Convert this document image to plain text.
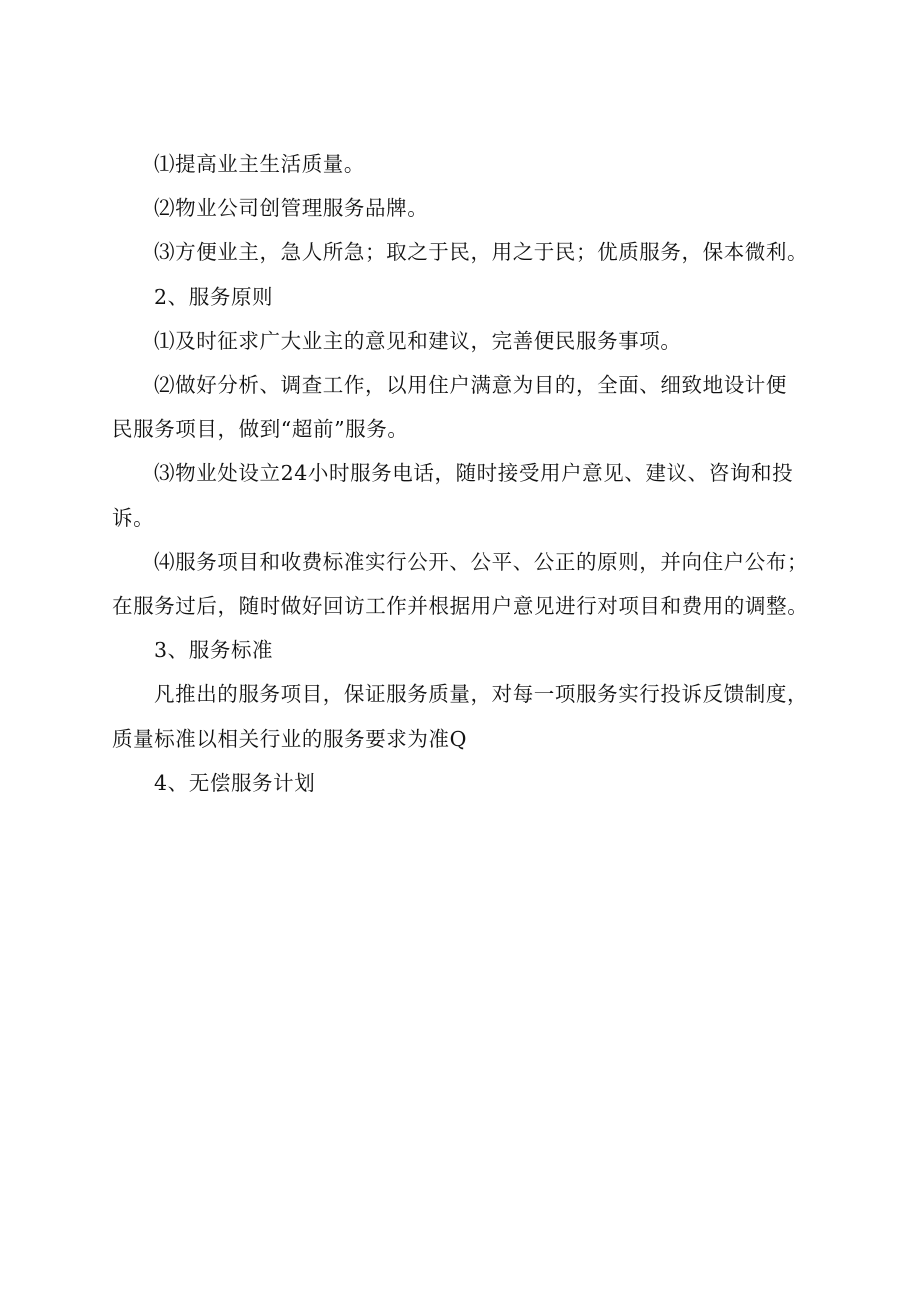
⑴提高业主生活质量。

⑵物业公司创管理服务品牌。

⑶方便业主，急人所急；取之于民，用之于民；优质服务，保本微利。

2、服务原则

⑴及时征求广大业主的意见和建议，完善便民服务事项。

⑵做好分析、调查工作，以用住户满意为目的，全面、细致地设计便
民服务项目，做到“超前”服务。

⑶物业处设立24小时服务电话，随时接受用户意见、建议、咨询和投
诉。

⑷服务项目和收费标准实行公开、公平、公正的原则，并向住户公布；
在服务过后，随时做好回访工作并根据用户意见进行对项目和费用的调整。

3、服务标准

凡推出的服务项目，保证服务质量，对每一项服务实行投诉反馈制度，
质量标准以相关行业的服务要求为准Q

4、无偿服务计划
